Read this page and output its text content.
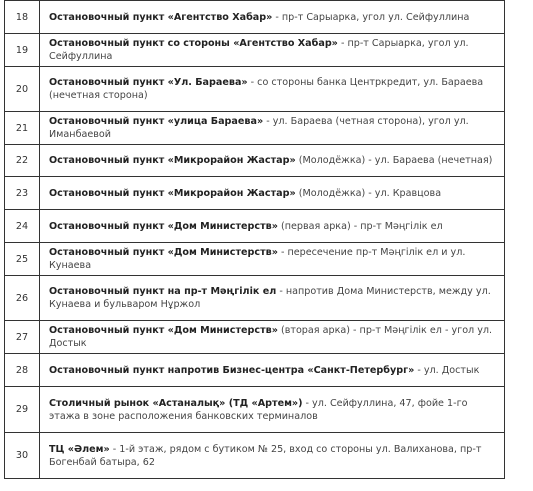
18	Остановочный пункт «Агентство Хабар» - пр-т Сарыарка, угол ул. Сейфуллина
19	Остановочный пункт со стороны «Агентство Хабар» - пр-т Сарыарка, угол ул. Сейфуллина
20	Остановочный пункт «Ул. Бараева» - со стороны банка Центркредит, ул. Бараева (нечетная сторона)
21	Остановочный пункт «улица Бараева» - ул. Бараева (четная сторона), угол ул. Иманбаевой
22	Остановочный пункт «Микрорайон Жастар» (Молодёжка) - ул. Бараева (нечетная)
23	Остановочный пункт «Микрорайон Жастар» (Молодёжка) - ул. Кравцова
24	Остановочный пункт «Дом Министерств» (первая арка) - пр-т Мәңгілік ел
25	Остановочный пункт «Дом Министерств» - пересечение пр-т Мәңгілік ел и ул. Кунаева
26	Остановочный пункт на пр-т Мәңгілік ел - напротив Дома Министерств, между ул. Кунаева и бульваром Нұржол
27	Остановочный пункт «Дом Министерств» (вторая арка) - пр-т Мәңгілік ел - угол ул. Достык
28	Остановочный пункт напротив Бизнес-центра «Санкт-Петербург» - ул. Достык
29	Столичный рынок «Астаналық» (ТД «Артем») - ул. Сейфуллина, 47, фойе 1-го этажа в зоне расположения банковских терминалов
30	ТЦ «Әлем» - 1-й этаж, рядом с бутиком № 25, вход со стороны ул. Валиханова, пр-т Богенбай батыра, 62
